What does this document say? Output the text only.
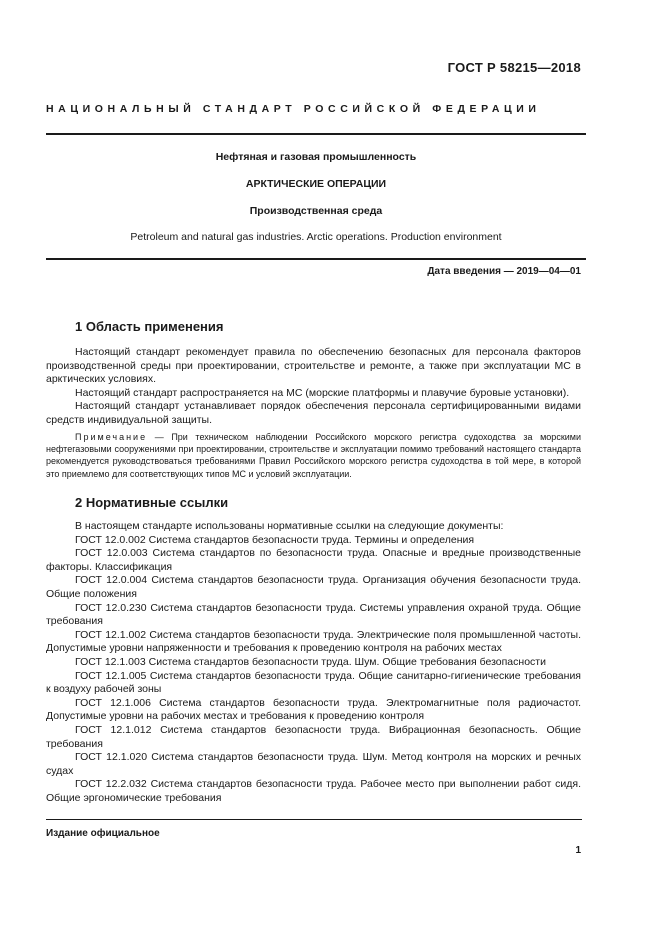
ГОСТ Р 58215—2018
НАЦИОНАЛЬНЫЙ СТАНДАРТ РОССИЙСКОЙ ФЕДЕРАЦИИ
Нефтяная и газовая промышленность
АРКТИЧЕСКИЕ ОПЕРАЦИИ
Производственная среда
Petroleum and natural gas industries. Arctic operations. Production environment
Дата введения — 2019—04—01
1 Область применения

Настоящий стандарт рекомендует правила по обеспечению безопасных для персонала факторов производственной среды при проектировании, строительстве и ремонте, а также при эксплуатации МС в арктических условиях.

Настоящий стандарт распространяется на МС (морские платформы и плавучие буровые установки).

Настоящий стандарт устанавливает порядок обеспечения персонала сертифицированными видами средств индивидуальной защиты.

Примечание — При техническом наблюдении Российского морского регистра судоходства за морскими нефтегазовыми сооружениями при проектировании, строительстве и эксплуатации помимо требований настоящего стандарта рекомендуется руководствоваться требованиями Правил Российского морского регистра судоходства в той мере, в которой это приемлемо для соответствующих типов МС и условий эксплуатации.

2 Нормативные ссылки

В настоящем стандарте использованы нормативные ссылки на следующие документы:

ГОСТ 12.0.002 Система стандартов безопасности труда. Термины и определения

ГОСТ 12.0.003 Система стандартов по безопасности труда. Опасные и вредные производственные факторы. Классификация

ГОСТ 12.0.004 Система стандартов безопасности труда. Организация обучения безопасности труда. Общие положения

ГОСТ 12.0.230 Система стандартов безопасности труда. Системы управления охраной труда. Общие требования

ГОСТ 12.1.002 Система стандартов безопасности труда. Электрические поля промышленной частоты. Допустимые уровни напряженности и требования к проведению контроля на рабочих местах

ГОСТ 12.1.003 Система стандартов безопасности труда. Шум. Общие требования безопасности

ГОСТ 12.1.005 Система стандартов безопасности труда. Общие санитарно-гигиенические требования к воздуху рабочей зоны

ГОСТ 12.1.006 Система стандартов безопасности труда. Электромагнитные поля радиочастот. Допустимые уровни на рабочих местах и требования к проведению контроля

ГОСТ 12.1.012 Система стандартов безопасности труда. Вибрационная безопасность. Общие требования

ГОСТ 12.1.020 Система стандартов безопасности труда. Шум. Метод контроля на морских и речных судах

ГОСТ 12.2.032 Система стандартов безопасности труда. Рабочее место при выполнении работ сидя. Общие эргономические требования

Издание официальное
1
